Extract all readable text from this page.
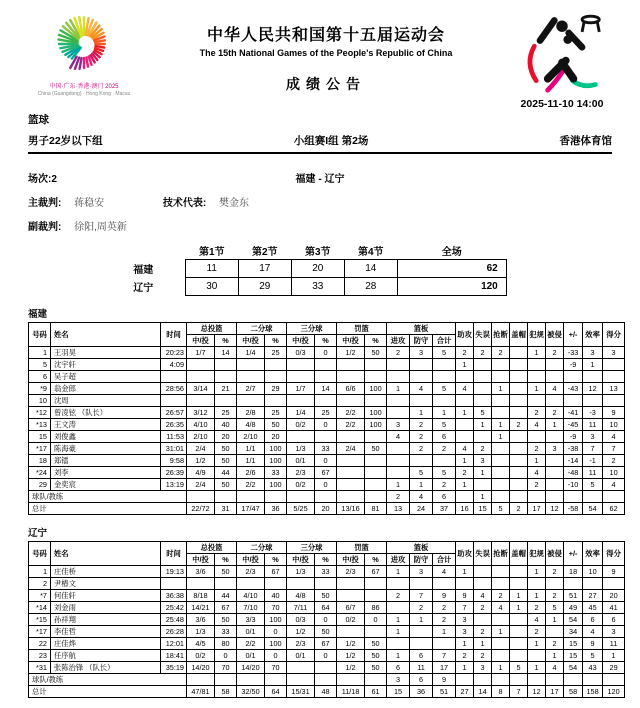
中国·广东·香港·澳门 2025
China (Guangdong) · Hong Kong · Macau
中华人民共和国第十五届运动会
The 15th National Games of the People's Republic of China
成绩公告
2025-11-10 14:00
篮球
男子22岁以下组	小组赛I组 第2场	香港体育馆
场次:2	福建 - 辽宁
主裁判: 蒋稳安	技术代表: 樊金东
副裁判: 徐阳,周英新
	第1节	第2节	第3节	第4节	全场
福建	11	17	20	14	62
辽宁	30	29	33	28	120
福建
号码	姓名	时间	总投篮		二分球		三分球		罚篮		篮板			助攻	失误	抢断	盖帽	犯规	被侵	+/-	效率	得分
			中/投	%	中/投	%	中/投	%	中/投	%	进攻	防守	合计									
1	王羽昊	20:23	1/7	14	1/4	25	0/3	0	1/2	50	2	3	5	2	2	2		1	2	-33	3	3
5	沈宇轩	4:09												1						-9	1	
6	吴子超																					
*9	翁金郎	28:56	3/14	21	2/7	29	1/7	14	6/6	100	1	4	5	4		1		1	4	-43	12	13
10	沈周																					
*12	曾凌铉 （队长）	26:57	3/12	25	2/8	25	1/4	25	2/2	100		1	1	1	5			2	2	-41	-3	9
*13	王文涛	26:35	4/10	40	4/8	50	0/2	0	2/2	100	3	2	5		1	1	2	4	1	-45	11	10
15	刘俊鑫	11:53	2/10	20	2/10	20					4	2	6			1				-9	3	4
*17	陈海豪	31:01	2/4	50	1/1	100	1/3	33	2/4	50		2	2	4	2			2	3	-38	7	7
18	郑镭	9:58	1/2	50	1/1	100	0/1	0						1	3			1		-14	-1	2
*24	刘李	26:39	4/9	44	2/6	33	2/3	67				5	5	2	1			4		-48	11	10
29	金奕宸	13:19	2/4	50	2/2	100	0/2	0			1	1	2	1				2		-10	5	4
球队/教练											2	4	6		1							
总计			22/72	31	17/47	36	5/25	20	13/16	81	13	24	37	16	15	5	2	17	12	-58	54	62
辽宁
号码	姓名	时间	总投篮		二分球		三分球		罚篮		篮板			助攻	失误	抢断	盖帽	犯规	被侵	+/-	效率	得分
			中/投	%	中/投	%	中/投	%	中/投	%	进攻	防守	合计									
1	庄佳桥	19:13	3/6	50	2/3	67	1/3	33	2/3	67	1	3	4	1				1	2	18	10	9
2	尹椿文																					
*7	何佳轩	36:38	8/18	44	4/10	40	4/8	50			2	7	9	9	4	2	1	1	2	51	27	20
*14	刘金雨	25:42	14/21	67	7/10	70	7/11	64	6/7	86		2	2	7	2	4	1	2	5	49	45	41
*15	孙祥翔	25:48	3/6	50	3/3	100	0/3	0	0/2	0	1	1	2	3				4	1	54	6	6
*17	李佳哲	26:28	1/3	33	0/1	0	1/2	50			1		1	3	2	1		2		34	4	3
22	庄佳烨	12:01	4/5	80	2/2	100	2/3	67	1/2	50				1	1			1	2	15	9	11
23	任序航	18:41	0/2	0	0/1	0	0/1	0	1/2	50	1	6	7	2	2				1	15	5	1
*31	张陈治锋 （队长）	35:19	14/20	70	14/20	70			1/2	50	6	11	17	1	3	1	5	1	4	54	43	29
球队/教练											3	6	9									
总计			47/81	58	32/50	64	15/31	48	11/18	61	15	36	51	27	14	8	7	12	17	58	158	120
